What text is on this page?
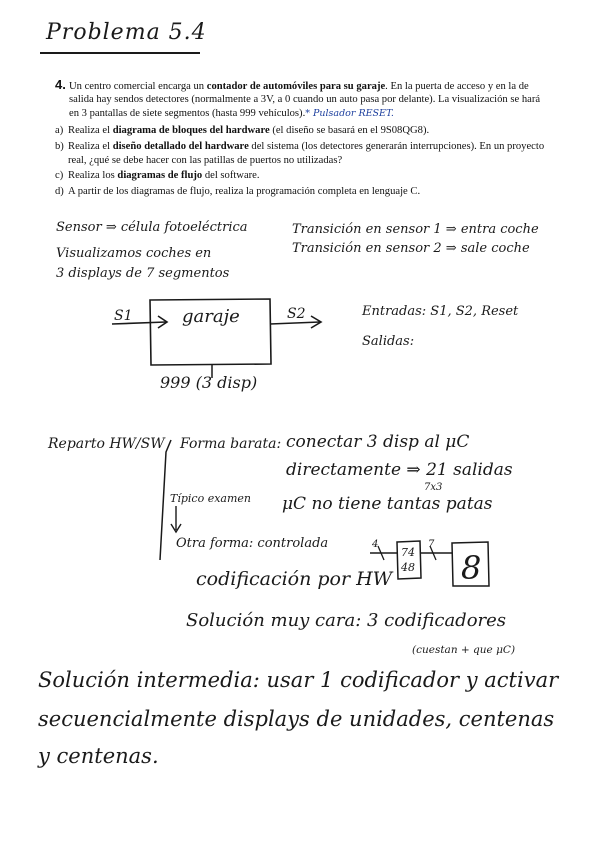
Problema 5.4

4. Un centro comercial encarga un contador de automóviles para su garaje. En la puerta de acceso y en la de salida hay sendos detectores (normalmente a 3V, a 0 cuando un auto pasa por delante). La visualización se hará en 3 pantallas de siete segmentos (hasta 999 vehículos).* Pulsador RESET.

a) Realiza el diagrama de bloques del hardware (el diseño se basará en el 9S08QG8).
b) Realiza el diseño detallado del hardware del sistema (los detectores generarán interrupciones). En un proyecto real, ¿qué se debe hacer con las patillas de puertos no utilizadas?
c) Realiza los diagramas de flujo del software.
d) A partir de los diagramas de flujo, realiza la programación completa en lenguaje C.
Sensor ⇒ célula fotoeléctrica
Visualizamos coches en
3 displays de 7 segmentos
Transición en sensor 1 ⇒ entra coche
Transición en sensor 2 ⇒ sale coche
Entradas: S1, S2, Reset
Salidas:
S1	S2
garaje
999 (3 disp)
4
74
48
7
8
Reparto HW/SW Forma barata: conectar 3 disp al μC
directamente ⇒ 21 salidas
7x3
Típico examen μC no tiene tantas patas
Otra forma: controlada
codificación por HW
Solución muy cara: 3 codificadores
(cuestan + que μC)
Solución intermedia: usar 1 codificador y activar
secuencialmente displays de unidades, centenas
y centenas.
